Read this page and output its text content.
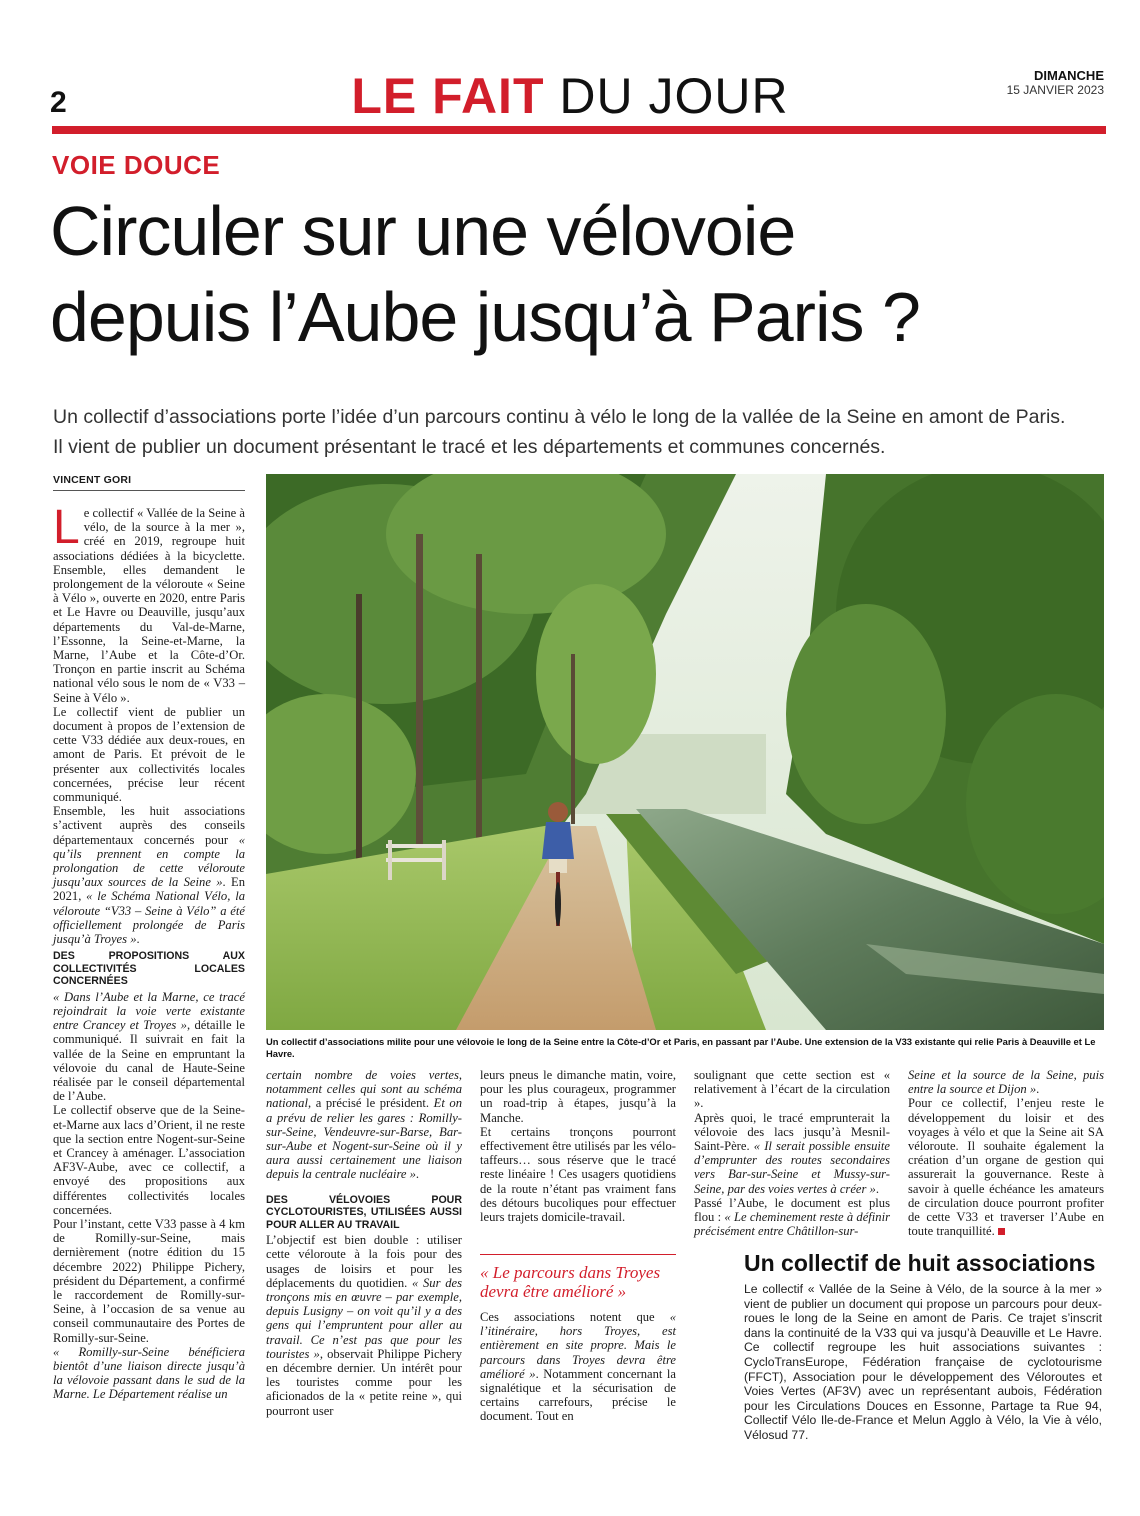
2	LE FAIT DU JOUR	DIMANCHE
15 JANVIER 2023
VOIE DOUCE
Circuler sur une vélovoie
depuis l’Aube jusqu’à Paris ?
Un collectif d’associations porte l’idée d’un parcours continu à vélo le long de la vallée de la Seine en amont de Paris.
Il vient de publier un document présentant le tracé et les départements et communes concernés.
VINCENT GORI

Le collectif « Vallée de la Seine à vélo, de la source à la mer », créé en 2019, regroupe huit associations dédiées à la bicyclette. Ensemble, elles demandent le prolongement de la véloroute « Seine à Vélo », ouverte en 2020, entre Paris et Le Havre ou Deauville, jusqu’aux départements du Val-de-Marne, l’Essonne, la Seine-et-Marne, la Marne, l’Aube et la Côte-d’Or. Tronçon en partie inscrit au Schéma national vélo sous le nom de « V33 – Seine à Vélo ».

Le collectif vient de publier un document à propos de l’extension de cette V33 dédiée aux deux-roues, en amont de Paris. Et prévoit de le présenter aux collectivités locales concernées, précise leur récent communiqué.

Ensemble, les huit associations s’activent auprès des conseils départementaux concernés pour « qu’ils prennent en compte la prolongation de cette véloroute jusqu’aux sources de la Seine ». En 2021, « le Schéma National Vélo, la véloroute “V33 – Seine à Vélo” a été officiellement prolongée de Paris jusqu’à Troyes ».

DES PROPOSITIONS AUX COLLECTIVITÉS LOCALES CONCERNÉES

« Dans l’Aube et la Marne, ce tracé rejoindrait la voie verte existante entre Crancey et Troyes », détaille le communiqué. Il suivrait en fait la vallée de la Seine en empruntant la vélovoie du canal de Haute-Seine réalisée par le conseil départemental de l’Aube.

Le collectif observe que de la Seine-et-Marne aux lacs d’Orient, il ne reste que la section entre Nogent-sur-Seine et Crancey à aménager. L’association AF3V-Aube, avec ce collectif, a envoyé des propositions aux différentes collectivités locales concernées.

Pour l’instant, cette V33 passe à 4 km de Romilly-sur-Seine, mais dernièrement (notre édition du 15 décembre 2022) Philippe Pichery, président du Département, a confirmé le raccordement de Romilly-sur-Seine, à l’occasion de sa venue au conseil communautaire des Portes de Romilly-sur-Seine.

« Romilly-sur-Seine bénéficiera bientôt d’une liaison directe jusqu’à la vélovoie passant dans le sud de la Marne. Le Département réalise un

Un collectif d’associations milite pour une vélovoie le long de la Seine entre la Côte-d’Or et Paris, en passant par l’Aube. Une extension de la V33 existante qui relie Paris à Deauville et Le Havre.

certain nombre de voies vertes, notamment celles qui sont au schéma national, a précisé le président. Et on a prévu de relier les gares : Romilly-sur-Seine, Vendeuvre-sur-Barse, Bar-sur-Aube et Nogent-sur-Seine où il y aura aussi certainement une liaison depuis la centrale nucléaire ».

DES VÉLOVOIES POUR CYCLOTOURISTES, UTILISÉES AUSSI POUR ALLER AU TRAVAIL

L’objectif est bien double : utiliser cette véloroute à la fois pour des usages de loisirs et pour les déplacements du quotidien. « Sur des tronçons mis en œuvre – par exemple, depuis Lusigny – on voit qu’il y a des gens qui l’empruntent pour aller au travail. Ce n’est pas que pour les touristes », observait Philippe Pichery en décembre dernier. Un intérêt pour les touristes comme pour les aficionados de la « petite reine », qui pourront user

leurs pneus le dimanche matin, voire, pour les plus courageux, programmer un road-trip à étapes, jusqu’à la Manche.

Et certains tronçons pourront effectivement être utilisés par les vélo-taffeurs… sous réserve que le tracé reste linéaire ! Ces usagers quotidiens de la route n’étant pas vraiment fans des détours bucoliques pour effectuer leurs trajets domicile-travail.

« Le parcours dans Troyes devra être amélioré »

Ces associations notent que « l’itinéraire, hors Troyes, est entièrement en site propre. Mais le parcours dans Troyes devra être amélioré ». Notamment concernant la signalétique et la sécurisation de certains carrefours, précise le document. Tout en

soulignant que cette section est « relativement à l’écart de la circulation ».

Après quoi, le tracé emprunterait la vélovoie des lacs jusqu’à Mesnil-Saint-Père. « Il serait possible ensuite d’emprunter des routes secondaires vers Bar-sur-Seine et Mussy-sur-Seine, par des voies vertes à créer ».

Passé l’Aube, le document est plus flou : « Le cheminement reste à définir précisément entre Châtillon-sur-

Seine et la source de la Seine, puis entre la source et Dijon ».

Pour ce collectif, l’enjeu reste le développement du loisir et des voyages à vélo et que la Seine ait SA véloroute. Il souhaite également la création d’un organe de gestion qui assurerait la gouvernance. Reste à savoir à quelle échéance les amateurs de circulation douce pourront profiter de cette V33 et traverser l’Aube en toute tranquillité.

Un collectif de huit associations
Le collectif « Vallée de la Seine à Vélo, de la source à la mer » vient de publier un document qui propose un parcours pour deux-roues le long de la Seine en amont de Paris. Ce trajet s’inscrit dans la continuité de la V33 qui va jusqu’à Deauville et Le Havre. Ce collectif regroupe les huit associations suivantes : CycloTransEurope, Fédération française de cyclotourisme (FFCT), Association pour le développement des Véloroutes et Voies Vertes (AF3V) avec un représentant aubois, Fédération pour les Circulations Douces en Essonne, Partage ta Rue 94, Collectif Vélo Ile-de-France et Melun Agglo à Vélo, la Vie à vélo, Vélosud 77.
